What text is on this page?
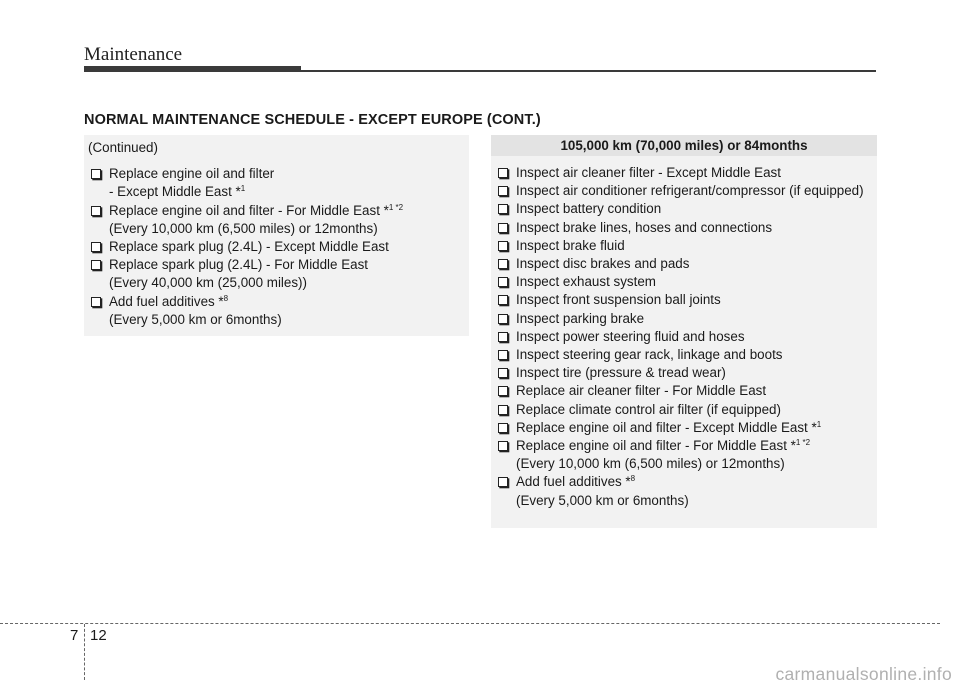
Maintenance
NORMAL MAINTENANCE SCHEDULE - EXCEPT EUROPE (CONT.)
(Continued)
Replace engine oil and filter
- Except Middle East *$^1$
Replace engine oil and filter - For Middle East *$^{1 *2}$
(Every 10,000 km (6,500 miles) or 12months)
Replace spark plug (2.4L) - Except Middle East
Replace spark plug (2.4L) - For Middle East
(Every 40,000 km (25,000 miles))
Add fuel additives *$^8$
(Every 5,000 km or 6months)
105,000 km (70,000 miles) or 84months
Inspect air cleaner filter - Except Middle East
Inspect air conditioner refrigerant/compressor (if equipped)
Inspect battery condition
Inspect brake lines, hoses and connections
Inspect brake fluid
Inspect disc brakes and pads
Inspect exhaust system
Inspect front suspension ball joints
Inspect parking brake
Inspect power steering fluid and hoses
Inspect steering gear rack, linkage and boots
Inspect tire (pressure & tread wear)
Replace air cleaner filter - For Middle East
Replace climate control air filter (if equipped)
Replace engine oil and filter - Except Middle East *$^1$
Replace engine oil and filter - For Middle East *$^{1 *2}$
(Every 10,000 km (6,500 miles) or 12months)
Add fuel additives *$^8$
(Every 5,000 km or 6months)
7 12
carmanualsonline.info
